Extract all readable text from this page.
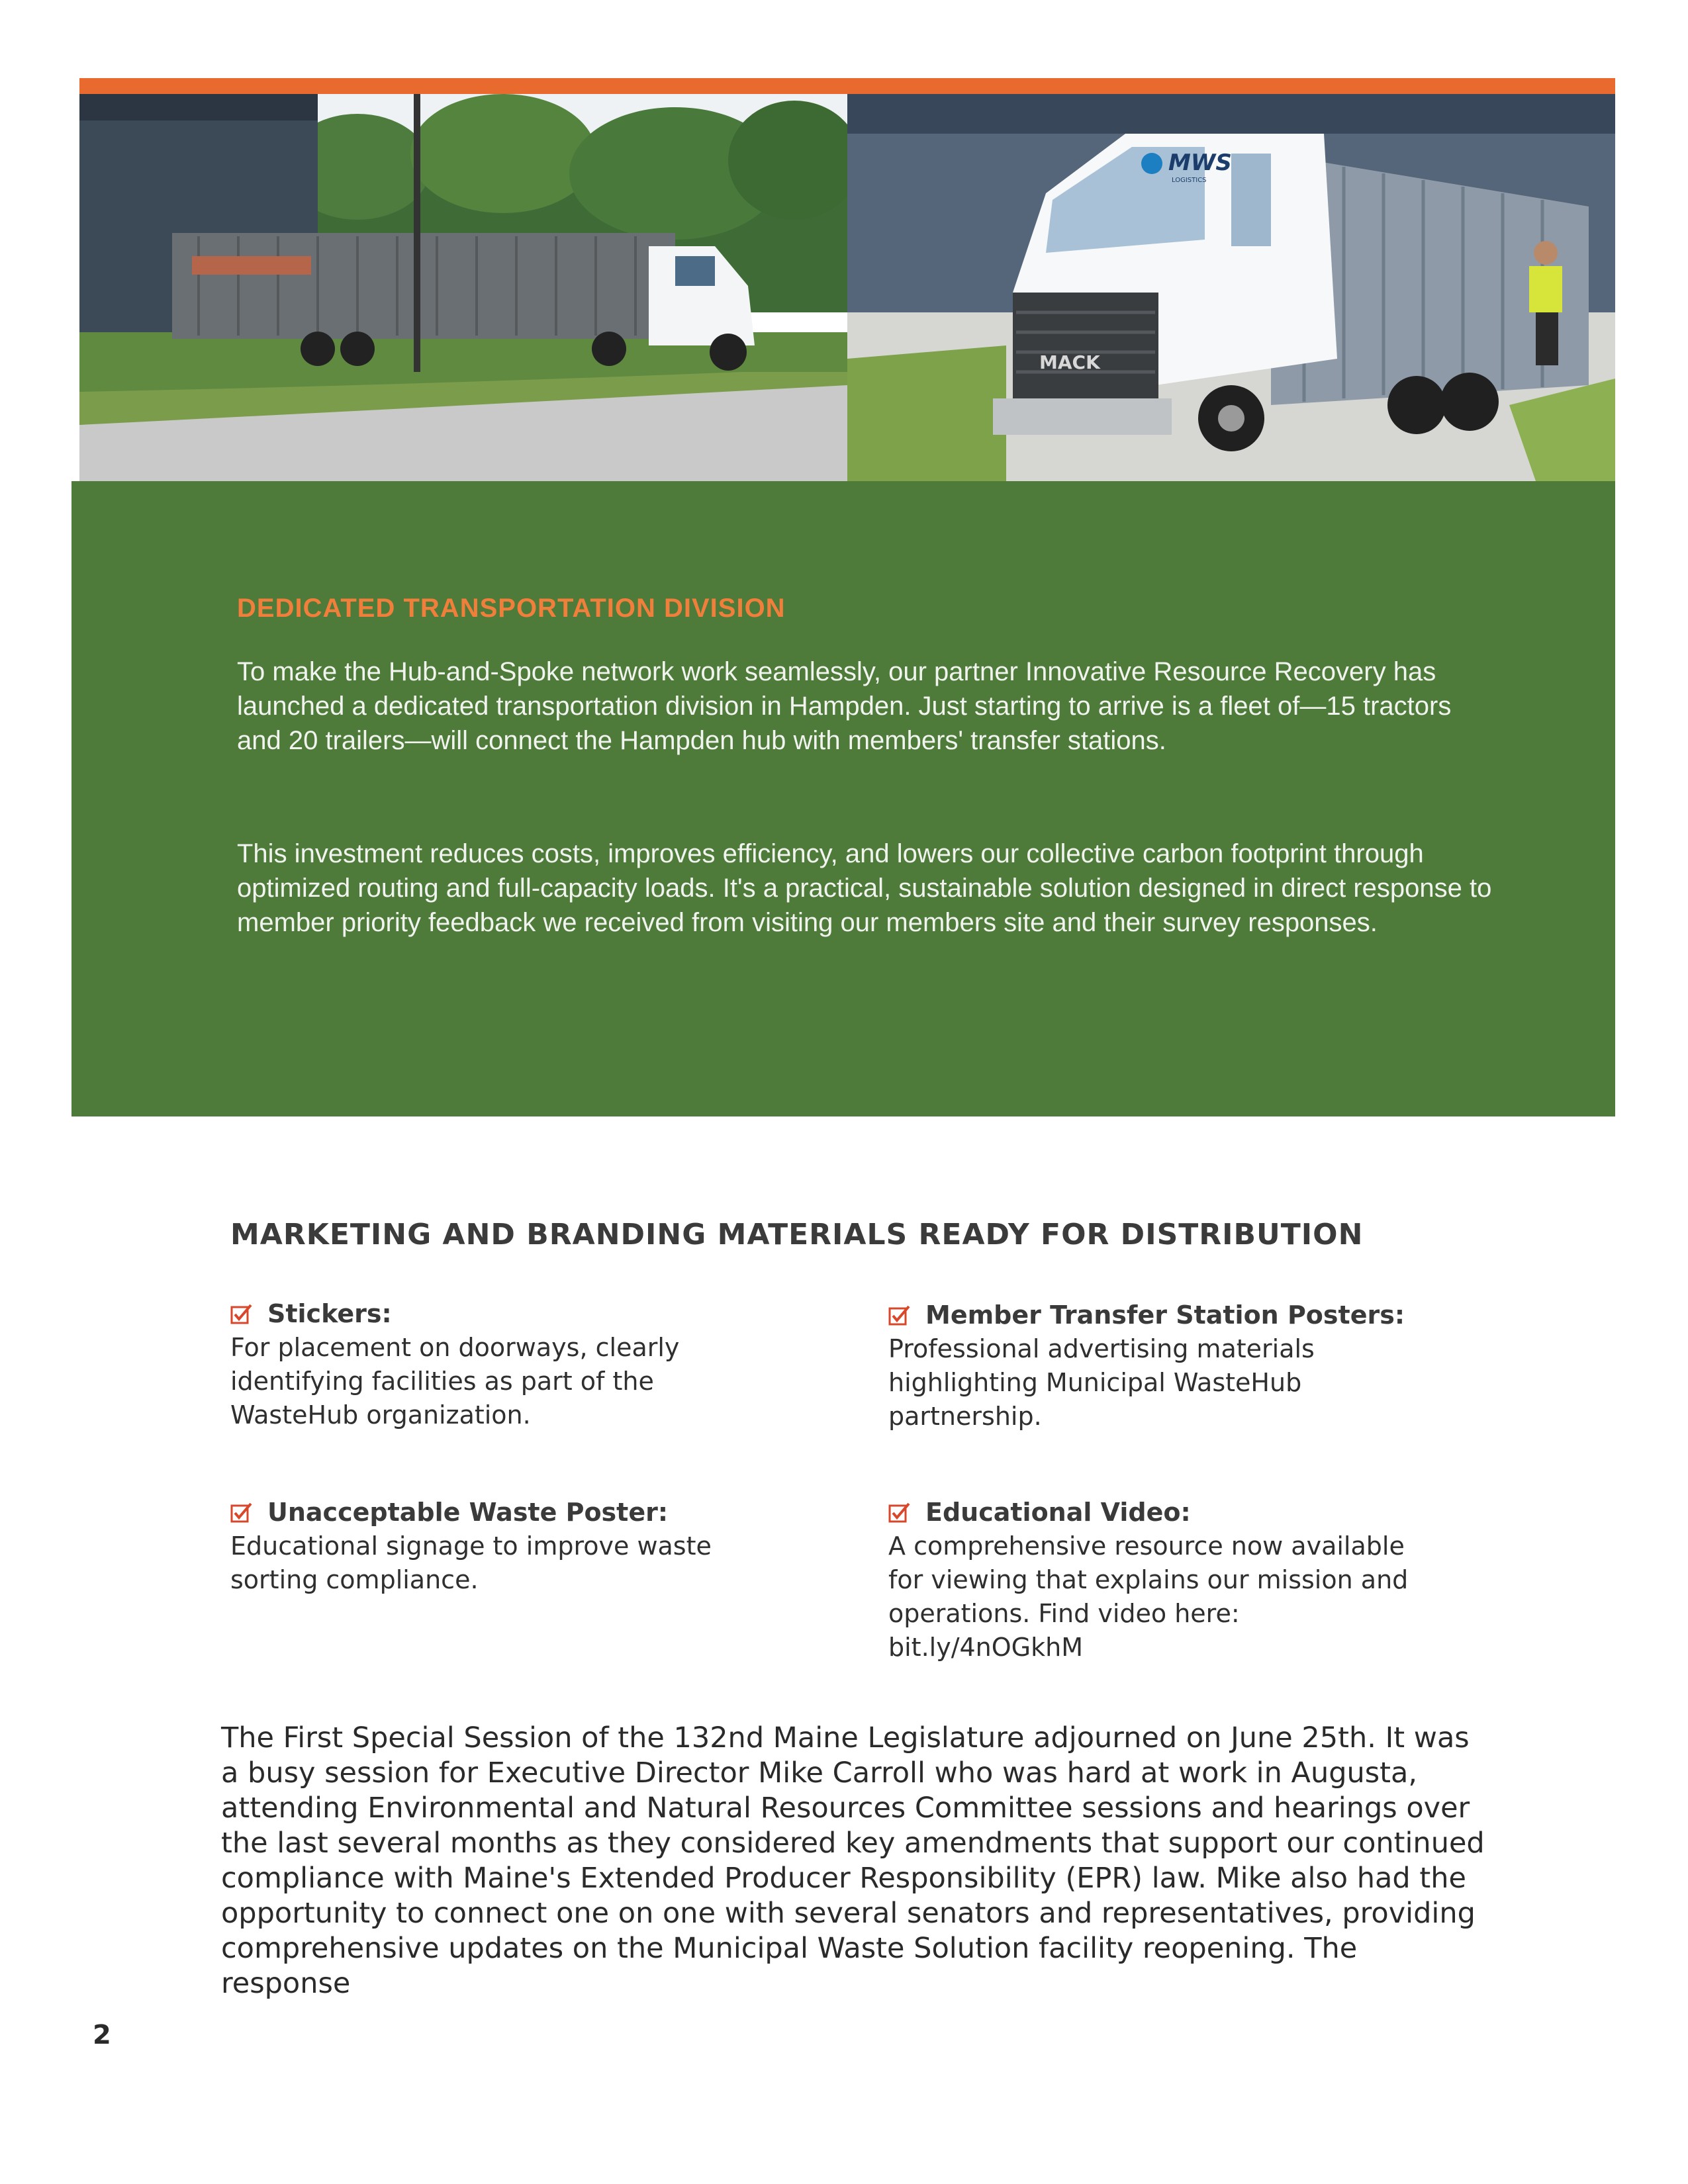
MACK
MWS
LOGISTICS
DEDICATED TRANSPORTATION DIVISION

To make the Hub-and-Spoke network work seamlessly, our partner Innovative Resource Recovery has launched a dedicated transportation division in Hampden. Just starting to arrive is a fleet of—15 tractors and 20 trailers—will connect the Hampden hub with members' transfer stations.

This investment reduces costs, improves efficiency, and lowers our collective carbon footprint through optimized routing and full-capacity loads. It's a practical, sustainable solution designed in direct response to member priority feedback we received from visiting our members site and their survey responses.

MARKETING AND BRANDING MATERIALS READY FOR DISTRIBUTION
Stickers:

For placement on doorways, clearly identifying facilities as part of the WasteHub organization.

Member Transfer Station Posters:

Professional advertising materials highlighting Municipal WasteHub partnership.

Unacceptable Waste Poster:

Educational signage to improve waste sorting compliance.

Educational Video:

A comprehensive resource now available for viewing that explains our mission and operations. Find video here: bit.ly/4nOGkhM

The First Special Session of the 132nd Maine Legislature adjourned on June 25th. It was a busy session for Executive Director Mike Carroll who was hard at work in Augusta, attending Environmental and Natural Resources Committee sessions and hearings over the last several months as they considered key amendments that support our continued compliance with Maine's Extended Producer Responsibility (EPR) law. Mike also had the opportunity to connect one on one with several senators and representatives, providing comprehensive updates on the Municipal Waste Solution facility reopening. The response

2
